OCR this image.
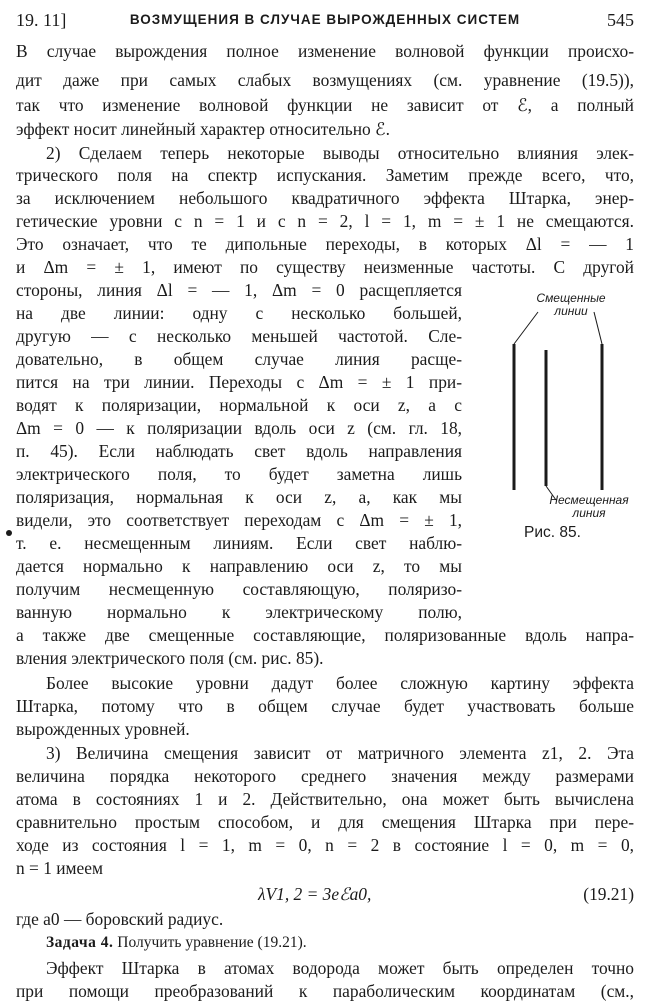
19. 11]	ВОЗМУЩЕНИЯ В СЛУЧАЕ ВЫРОЖДЕННЫХ СИСТЕМ	545
В случае вырождения полное изменение волновой функции происхо-
дит даже при самых слабых возмущениях (см. уравнение (19.5)),
так что изменение волновой функции не зависит от ℰ, а полный
эффект носит линейный характер относительно ℰ.
2) Сделаем теперь некоторые выводы относительно влияния элек-
трического поля на спектр испускания. Заметим прежде всего, что,
за исключением небольшого квадратичного эффекта Штарка, энер-
гетические уровни с n = 1 и с n = 2, l = 1, m = ± 1 не смещаются.
Это означает, что те дипольные переходы, в которых Δl = — 1
и Δm = ± 1, имеют по существу неизменные частоты. С другой
стороны, линия Δl = — 1, Δm = 0 расщепляется
на две линии: одну с несколько большей,
другую — с несколько меньшей частотой. Сле-
довательно, в общем случае линия расще-
пится на три линии. Переходы с Δm = ± 1 при-
водят к поляризации, нормальной к оси z, а с
Δm = 0 — к поляризации вдоль оси z (см. гл. 18,
п. 45). Если наблюдать свет вдоль направления
электрического поля, то будет заметна лишь
поляризация, нормальная к оси z, а, как мы
видели, это соответствует переходам с Δm = ± 1,
т. е. несмещенным линиям. Если свет наблю-
дается нормально к направлению оси z, то мы
получим несмещенную составляющую, поляризо-
ванную нормально к электрическому полю,
а также две смещенные составляющие, поляризованные вдоль напра-
вления электрического поля (см. рис. 85).
Более высокие уровни дадут более сложную картину эффекта
Штарка, потому что в общем случае будет участвовать больше
вырожденных уровней.
3) Величина смещения зависит от матричного элемента z1, 2. Эта
величина порядка некоторого среднего значения между размерами
атома в состояниях 1 и 2. Действительно, она может быть вычислена
сравнительно простым способом, и для смещения Штарка при пере-
ходе из состояния l = 1, m = 0, n = 2 в состояние l = 0, m = 0,
n = 1 имеем
λV1, 2 = 3eℰa0,	(19.21)
где a0 — боровский радиус.
Задача 4. Получить уравнение (19.21).
Эффект Штарка в атомах водорода может быть определен точно
при помощи преобразований к параболическим координатам (см.,
Смещенные
линии
Несмещенная
линия
Рис. 85.
